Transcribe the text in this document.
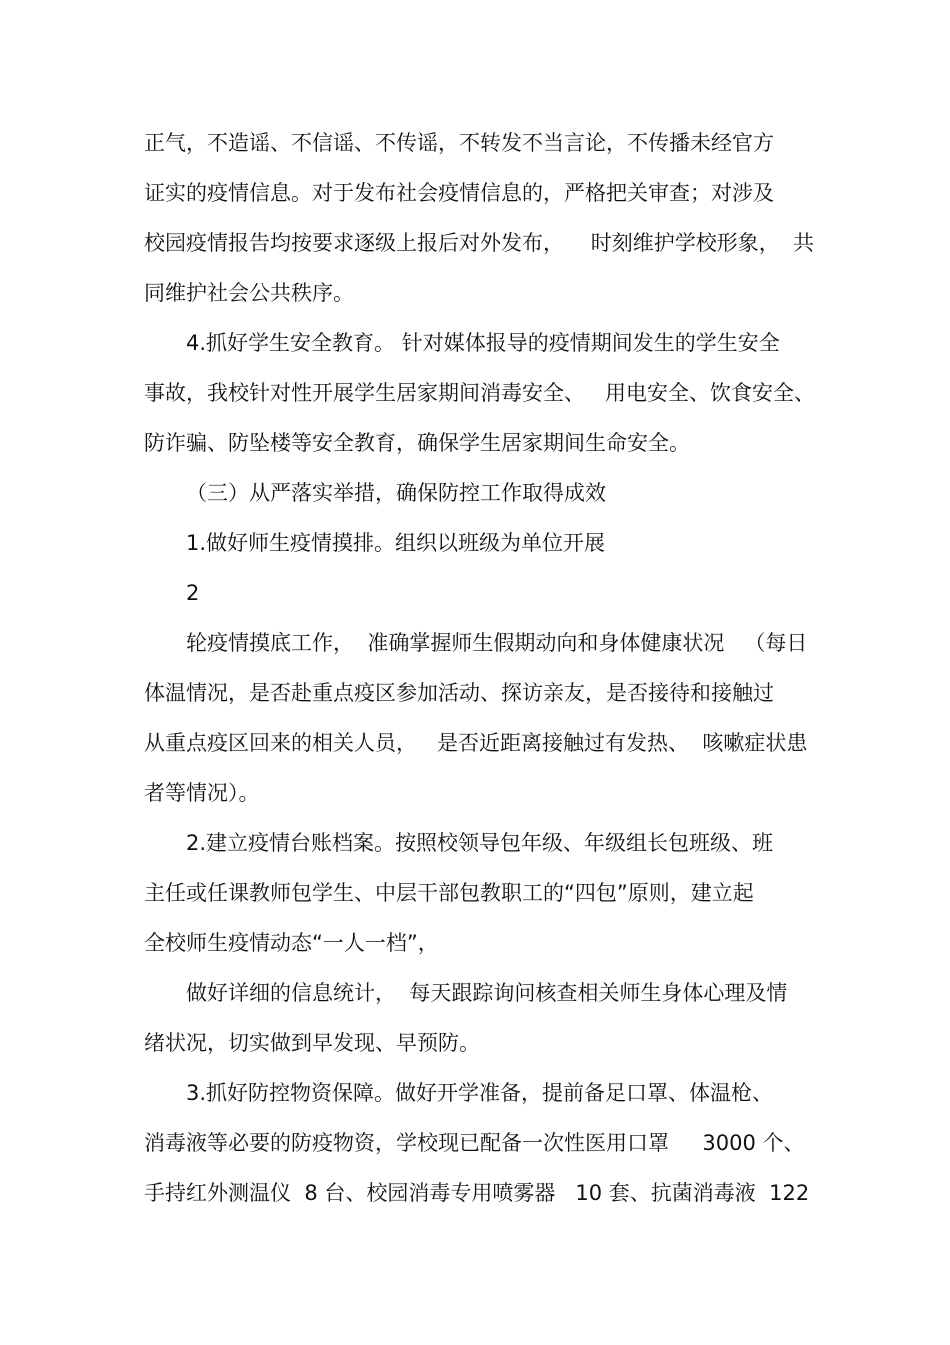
正气，不造谣、不信谣、不传谣，不转发不当言论，不传播未经官方
证实的疫情信息。对于发布社会疫情信息的，严格把关审查；对涉及
校园疫情报告均按要求逐级上报后对外发布，    时刻维护学校形象，  共
同维护社会公共秩序。
4.抓好学生安全教育。 针对媒体报导的疫情期间发生的学生安全
事故，我校针对性开展学生居家期间消毒安全、   用电安全、饮食安全、
防诈骗、防坠楼等安全教育，确保学生居家期间生命安全。
（三）从严落实举措，确保防控工作取得成效
1.做好师生疫情摸排。组织以班级为单位开展
2
轮疫情摸底工作，  准确掌握师生假期动向和身体健康状况   （每日
体温情况，是否赴重点疫区参加活动、探访亲友，是否接待和接触过
从重点疫区回来的相关人员，   是否近距离接触过有发热、  咳嗽症状患
者等情况）。
2.建立疫情台账档案。按照校领导包年级、年级组长包班级、班
主任或任课教师包学生、中层干部包教职工的“四包”原则，建立起
全校师生疫情动态“一人一档”，
做好详细的信息统计，  每天跟踪询问核查相关师生身体心理及情
绪状况，切实做到早发现、早预防。
3.抓好防控物资保障。做好开学准备，提前备足口罩、体温枪、
消毒液等必要的防疫物资，学校现已配备一次性医用口罩     3000 个、
手持红外测温仪  8 台、校园消毒专用喷雾器   10 套、抗菌消毒液  122
